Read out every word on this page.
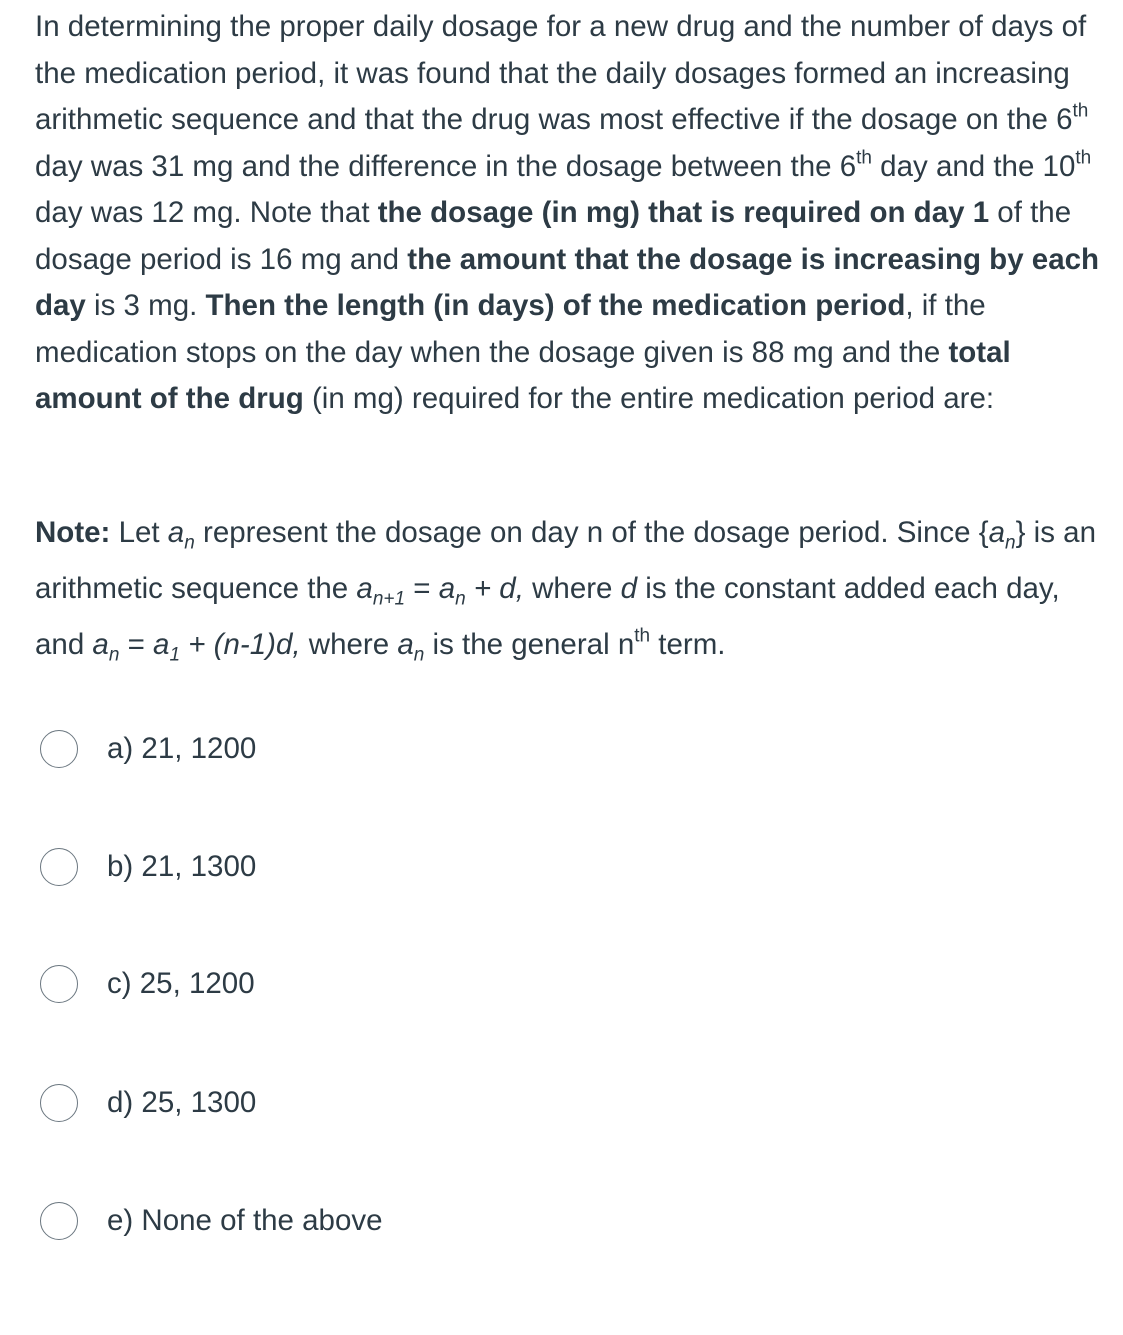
In determining the proper daily dosage for a new drug and the number of days of the medication period, it was found that the daily dosages formed an increasing arithmetic sequence and that the drug was most effective if the dosage on the 6th day was 31 mg and the difference in the dosage between the 6th day and the 10th day was 12 mg. Note that the dosage (in mg) that is required on day 1 of the dosage period is 16 mg and the amount that the dosage is increasing by each day is 3 mg. Then the length (in days) of the medication period, if the medication stops on the day when the dosage given is 88 mg and the total amount of the drug (in mg) required for the entire medication period are:

Note: Let $a_n$ represent the dosage on day n of the dosage period. Since $\{a_n\}$ is an arithmetic sequence the $a_{n+1} = a_n + d$, where d is the constant added each day, and $a_n = a_1 + (n-1)d$, where $a_n$ is the general $n^{th}$ term.

a) 21, 1200
b) 21, 1300
c) 25, 1200
d) 25, 1300
e) None of the above
